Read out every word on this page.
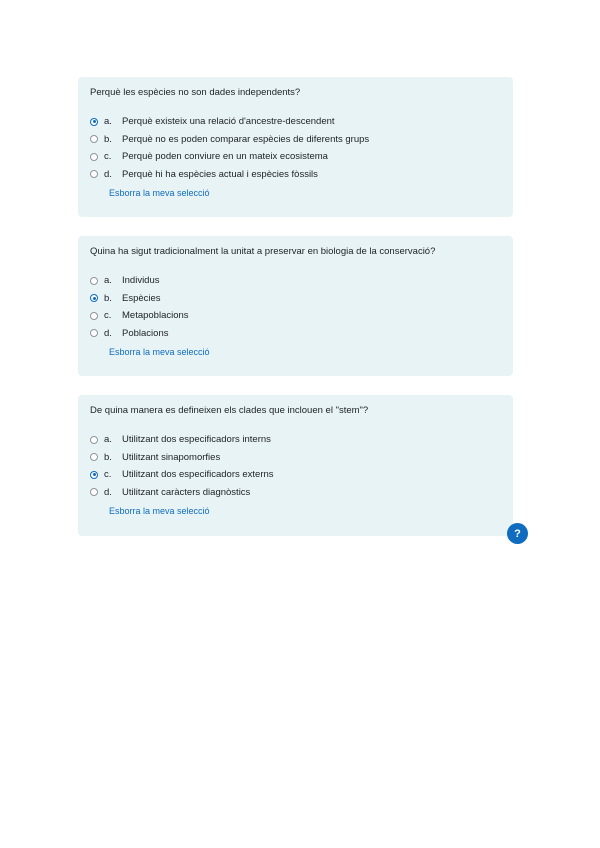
Perquè les espècies no son dades independents?

a.	Perquè existeix una relació d'ancestre-descendent
b.	Perquè no es poden comparar espècies de diferents grups
c.	Perquè poden conviure en un mateix ecosistema
d.	Perquè hi ha espècies actual i espècies fòssils
Esborra la meva selecció

Quina ha sigut tradicionalment la unitat a preservar en biologia de la conservació?

a.	Individus
b.	Espècies
c.	Metapoblacions
d.	Poblacions
Esborra la meva selecció

De quina manera es defineixen els clades que inclouen el "stem"?

a.	Utilitzant dos especificadors interns
b.	Utilitzant sinapomorfies
c.	Utilitzant dos especificadors externs
d.	Utilitzant caràcters diagnòstics
Esborra la meva selecció
?
